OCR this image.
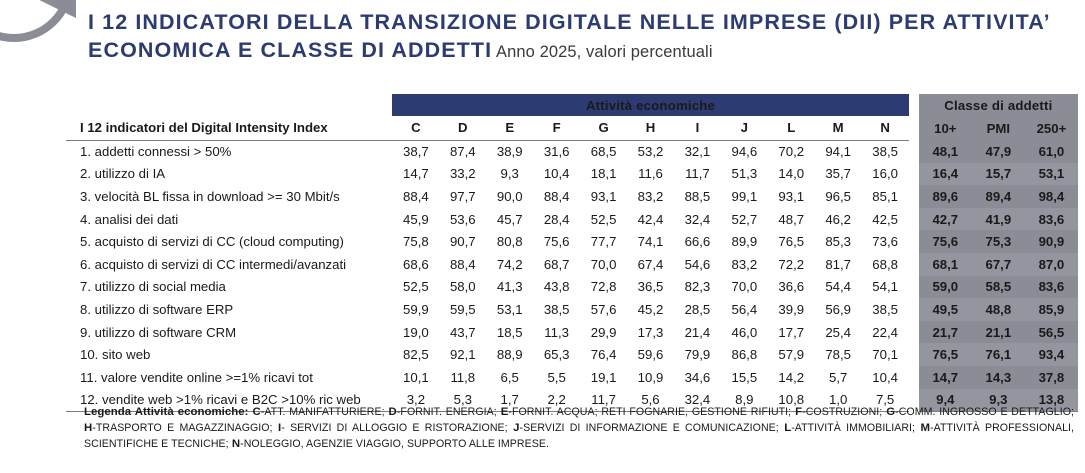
I 12 INDICATORI DELLA TRANSIZIONE DIGITALE NELLE IMPRESE (DII) PER ATTIVITA’ ECONOMICA E CLASSE DI ADDETTI Anno 2025, valori percentuali
	Attività economiche												Classe di addetti		
I 12 indicatori del Digital Intensity Index	C	D	E	F	G	H	I	J	L	M	N		10+	PMI	250+
1. addetti connessi > 50%	38,7	87,4	38,9	31,6	68,5	53,2	32,1	94,6	70,2	94,1	38,5		48,1	47,9	61,0
2. utilizzo di IA	14,7	33,2	9,3	10,4	18,1	11,6	11,7	51,3	14,0	35,7	16,0		16,4	15,7	53,1
3. velocità BL fissa in download >= 30 Mbit/s	88,4	97,7	90,0	88,4	93,1	83,2	88,5	99,1	93,1	96,5	85,1		89,6	89,4	98,4
4. analisi dei dati	45,9	53,6	45,7	28,4	52,5	42,4	32,4	52,7	48,7	46,2	42,5		42,7	41,9	83,6
5. acquisto di servizi di CC (cloud computing)	75,8	90,7	80,8	75,6	77,7	74,1	66,6	89,9	76,5	85,3	73,6		75,6	75,3	90,9
6. acquisto di servizi di CC intermedi/avanzati	68,6	88,4	74,2	68,7	70,0	67,4	54,6	83,2	72,2	81,7	68,8		68,1	67,7	87,0
7. utilizzo di social media	52,5	58,0	41,3	43,8	72,8	36,5	82,3	70,0	36,6	54,4	54,1		59,0	58,5	83,6
8. utilizzo di software ERP	59,9	59,5	53,1	38,5	57,6	45,2	28,5	56,4	39,9	56,9	38,5		49,5	48,8	85,9
9. utilizzo di software CRM	19,0	43,7	18,5	11,3	29,9	17,3	21,4	46,0	17,7	25,4	22,4		21,7	21,1	56,5
10. sito web	82,5	92,1	88,9	65,3	76,4	59,6	79,9	86,8	57,9	78,5	70,1		76,5	76,1	93,4
11. valore vendite online >=1% ricavi tot	10,1	11,8	6,5	5,5	19,1	10,9	34,6	15,5	14,2	5,7	10,4		14,7	14,3	37,8
12. vendite web >1% ricavi e B2C >10% ric web	3,2	5,3	1,7	2,2	11,7	5,6	32,4	8,9	10,8	1,0	7,5		9,4	9,3	13,8
Legenda Attività economiche: C-ATT. MANIFATTURIERE; D-FORNIT. ENERGIA; E-FORNIT. ACQUA; RETI FOGNARIE, GESTIONE RIFIUTI; F-COSTRUZIONI; G-COMM. INGROSSO E DETTAGLIO; H-TRASPORTO E MAGAZZINAGGIO; I- SERVIZI DI ALLOGGIO E RISTORAZIONE; J-SERVIZI DI INFORMAZIONE E COMUNICAZIONE; L-ATTIVITÀ IMMOBILIARI; M-ATTIVITÀ PROFESSIONALI, SCIENTIFICHE E TECNICHE; N-NOLEGGIO, AGENZIE VIAGGIO, SUPPORTO ALLE IMPRESE.
